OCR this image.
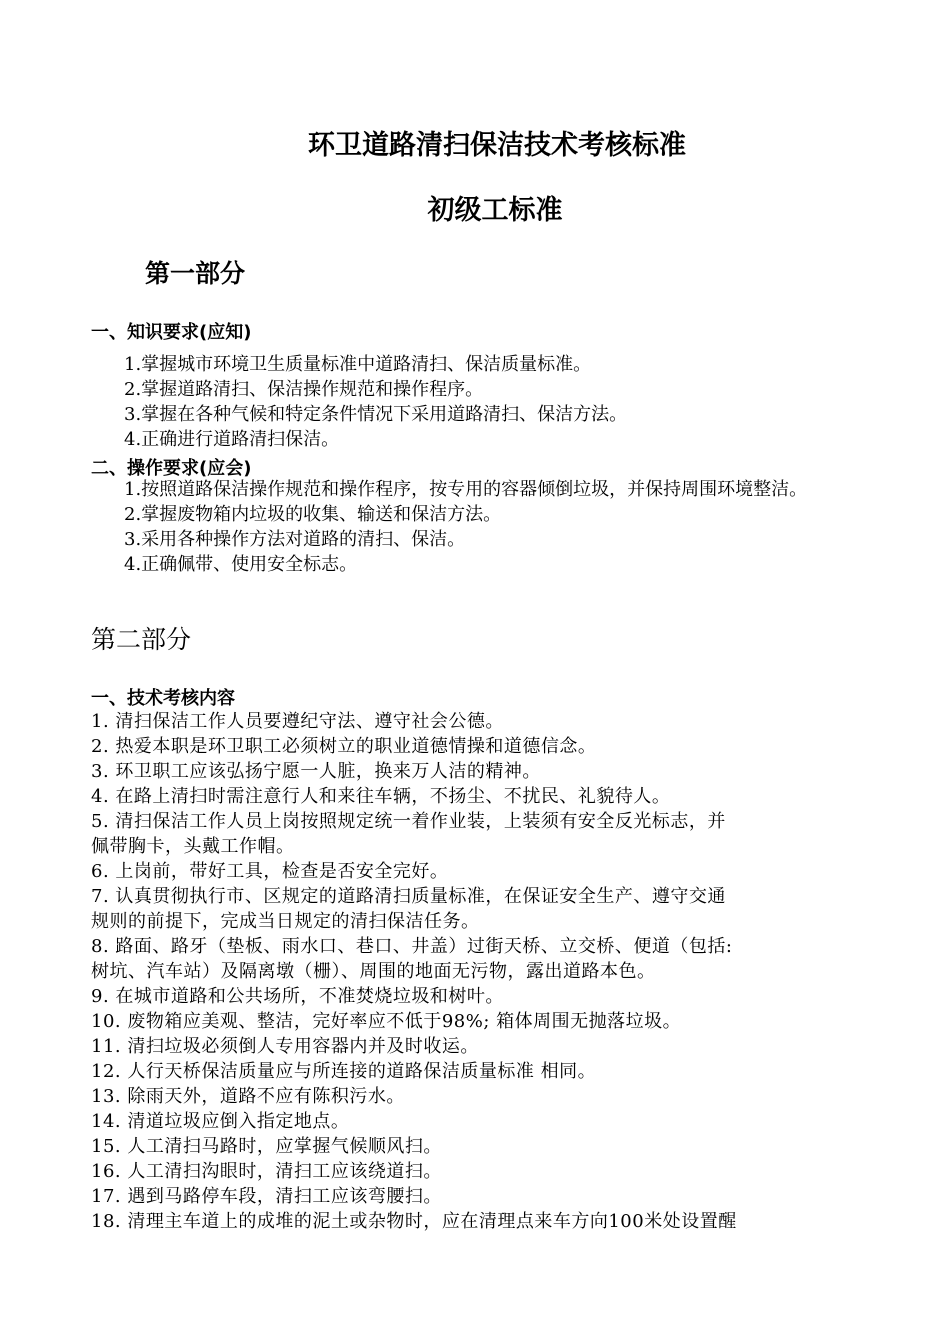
环卫道路清扫保洁技术考核标准
初级工标准
第一部分
一、知识要求(应知)
1.掌握城市环境卫生质量标准中道路清扫、保洁质量标准。
2.掌握道路清扫、保洁操作规范和操作程序。
3.掌握在各种气候和特定条件情况下采用道路清扫、保洁方法。
4.正确进行道路清扫保洁。
二、操作要求(应会)
1.按照道路保洁操作规范和操作程序，按专用的容器倾倒垃圾，并保持周围环境整洁。
2.掌握废物箱内垃圾的收集、输送和保洁方法。
3.采用各种操作方法对道路的清扫、保洁。
4.正确佩带、使用安全标志。
第二部分
一、技术考核内容
1. 清扫保洁工作人员要遵纪守法、遵守社会公德。
2. 热爱本职是环卫职工必须树立的职业道德情操和道德信念。
3. 环卫职工应该弘扬宁愿一人脏，换来万人洁的精神。
4. 在路上清扫时需注意行人和来往车辆，不扬尘、不扰民、礼貌待人。
5. 清扫保洁工作人员上岗按照规定统一着作业装，上装须有安全反光标志，并
佩带胸卡，头戴工作帽。
6. 上岗前，带好工具，检查是否安全完好。
7. 认真贯彻执行市、区规定的道路清扫质量标准，在保证安全生产、遵守交通
规则的前提下，完成当日规定的清扫保洁任务。
8. 路面、路牙（垫板、雨水口、巷口、井盖）过街天桥、立交桥、便道（包括:
树坑、汽车站）及隔离墩（栅）、周围的地面无污物，露出道路本色。
9. 在城市道路和公共场所，不准焚烧垃圾和树叶。
10. 废物箱应美观、整洁，完好率应不低于98%; 箱体周围无抛落垃圾。
11. 清扫垃圾必须倒人专用容器内并及时收运。
12. 人行天桥保洁质量应与所连接的道路保洁质量标准 相同。
13. 除雨天外，道路不应有陈积污水。
14. 清道垃圾应倒入指定地点。
15. 人工清扫马路时，应掌握气候顺风扫。
16. 人工清扫沟眼时，清扫工应该绕道扫。
17. 遇到马路停车段，清扫工应该弯腰扫。
18. 清理主车道上的成堆的泥土或杂物时，应在清理点来车方向100米处设置醒
